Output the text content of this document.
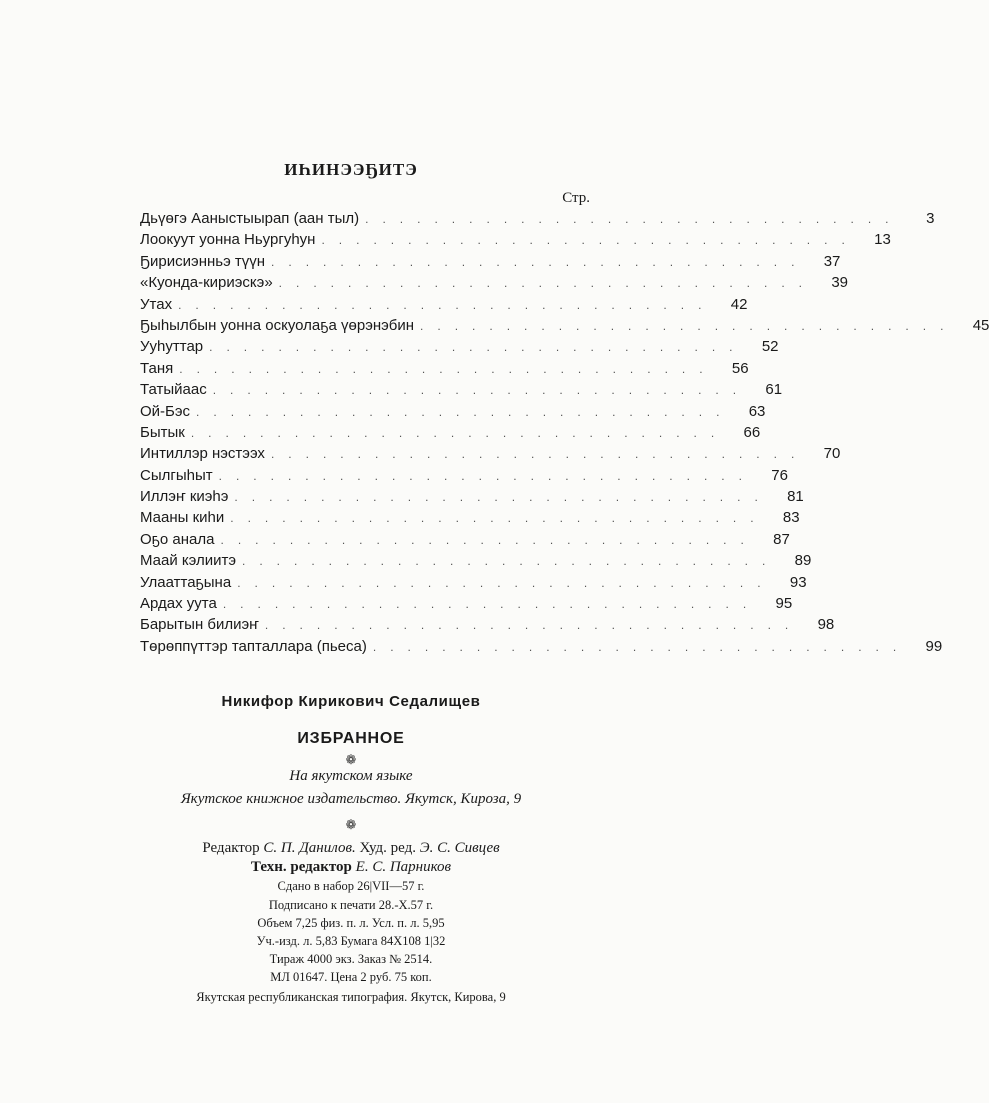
ИҺИНЭЭҔИТЭ
Стр.
Дьүөгэ Ааныстыырап (аан тыл) ...............................	3
Лоокуут уонна Ньургуһун ...............................	13
Ҕирисиэнньэ түүн ...............................	37
«Куонда-кириэскэ» ...............................	39
Утах ...............................	42
Ҕыһылбын уонна оскуолаҕа үөрэнэбин ...............................	45
Ууһуттар ...............................	52
Таня ...............................	56
Татыйаас ...............................	61
Ой-Бэс ...............................	63
Бытык ...............................	66
Интиллэр нэстээх ...............................	70
Сылгыһыт ...............................	76
Иллэҥ киэһэ ...............................	81
Мааны киһи ...............................	83
Оҕо анала ...............................	87
Маай кэлиитэ ...............................	89
Улааттаҕына ...............................	93
Ардах уута ...............................	95
Барытын билиэҥ ...............................	98
Төрөппүттэр тапталлара (пьеса) ...............................	99
Никифор Кирикович Седалищев
ИЗБРАННОЕ
❁
На якутском языке
Якутское книжное издательство. Якутск, Кироза, 9
❁
Редактор С. П. Данилов. Худ. ред. Э. С. Сивцев
Техн. редактор Е. С. Парников
Сдано в набор 26|VII—57 г.
Подписано к печати 28.-X.57 г.
Объем 7,25 физ. п. л. Усл. п. л. 5,95
Уч.-изд. л. 5,83 Бумага 84X108 1|32
Тираж 4000 экз. Заказ № 2514.
МЛ 01647. Цена 2 руб. 75 коп.
Якутская республиканская типография. Якутск, Кирова, 9
